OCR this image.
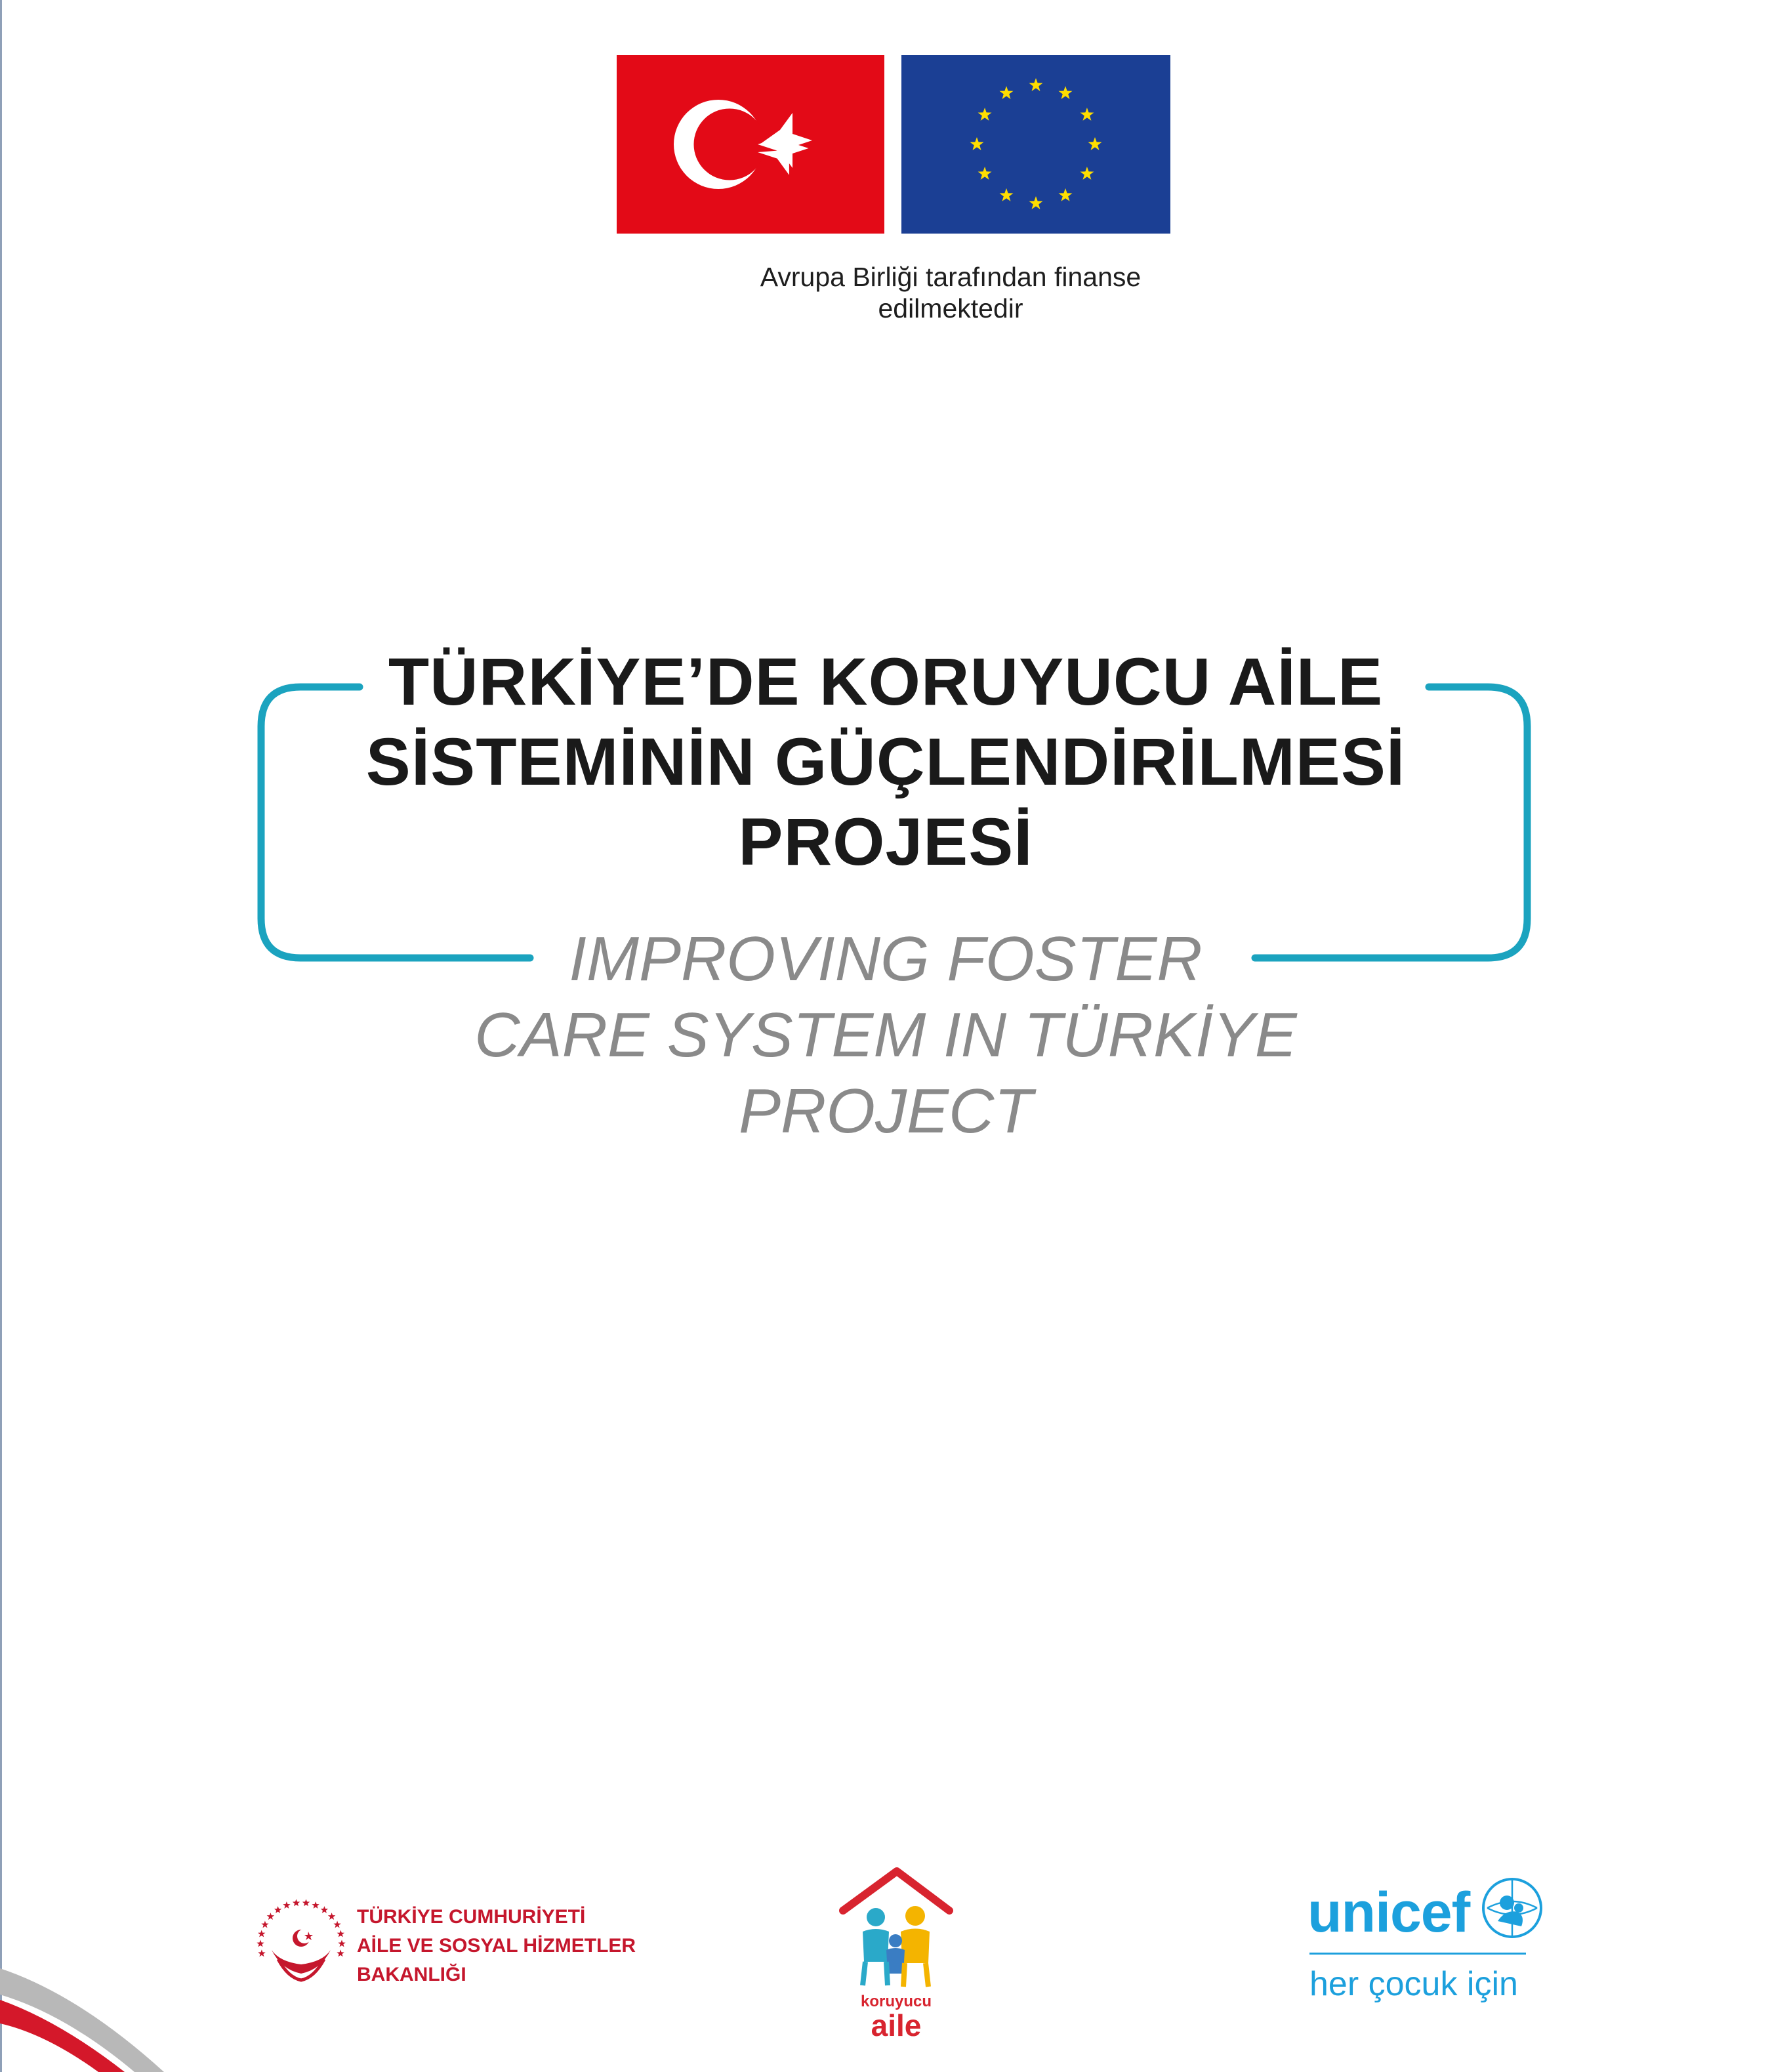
Avrupa Birliği tarafından finanse
edilmektedir
TÜRKİYE’DE KORUYUCU AİLE
SİSTEMİNİN GÜÇLENDİRİLMESİ
PROJESİ
IMPROVING FOSTER
CARE SYSTEM IN TÜRKİYE
PROJECT
TÜRKİYE CUMHURİYETİ
AİLE VE SOSYAL HİZMETLER
BAKANLIĞI
koruyucu
aile
unicef
her çocuk için
